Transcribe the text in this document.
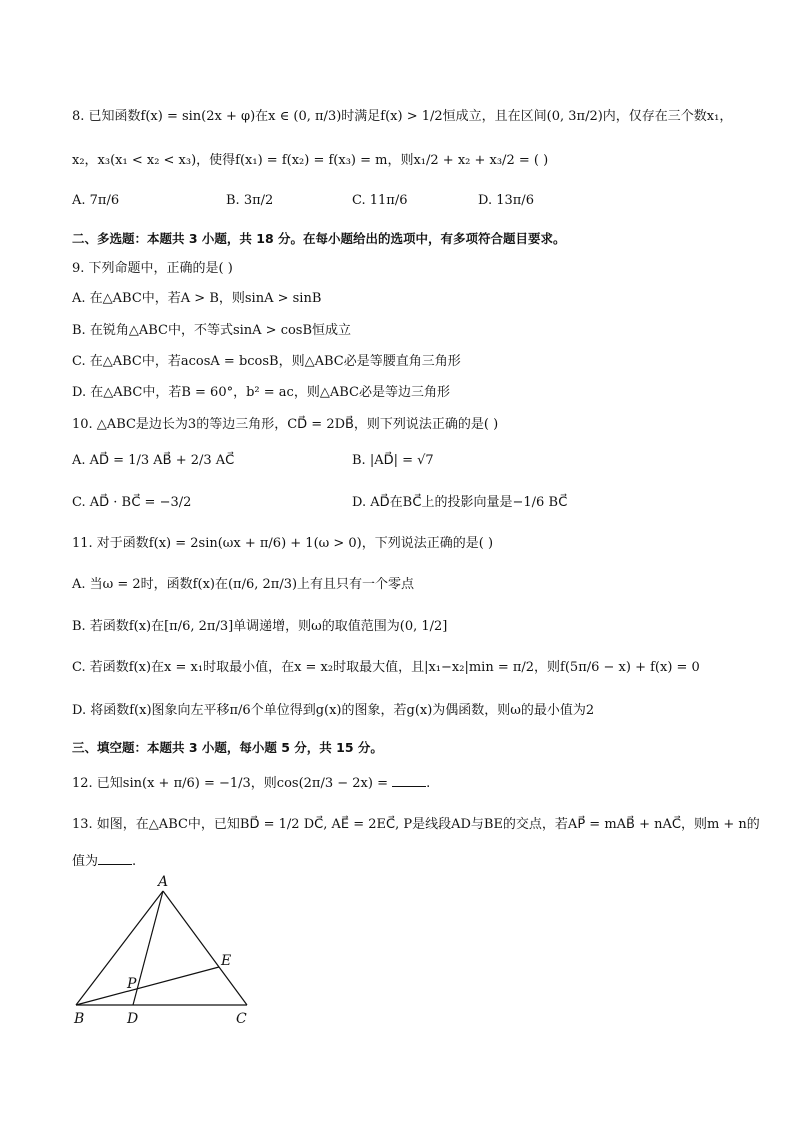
8. 已知函数f(x) = sin(2x + φ)在x ∈ (0, π/3)时满足f(x) > 1/2恒成立，且在区间(0, 3π/2)内，仅存在三个数x₁，
x₂，x₃(x₁ < x₂ < x₃)，使得f(x₁) = f(x₂) = f(x₃) = m，则x₁/2 + x₂ + x₃/2 = ( )
A. 7π/6	B. 3π/2	C. 11π/6	D. 13π/6
二、多选题：本题共 3 小题，共 18 分。在每小题给出的选项中，有多项符合题目要求。
9. 下列命题中，正确的是( )
A. 在△ABC中，若A > B，则sinA > sinB
B. 在锐角△ABC中，不等式sinA > cosB恒成立
C. 在△ABC中，若acosA = bcosB，则△ABC必是等腰直角三角形
D. 在△ABC中，若B = 60°，b² = ac，则△ABC必是等边三角形
10. △ABC是边长为3的等边三角形，CD⃗ = 2DB⃗，则下列说法正确的是( )
A. AD⃗ = 1/3 AB⃗ + 2/3 AC⃗	B. |AD⃗| = √7
C. AD⃗ · BC⃗ = −3/2	D. AD⃗在BC⃗上的投影向量是−1/6 BC⃗
11. 对于函数f(x) = 2sin(ωx + π/6) + 1(ω > 0)，下列说法正确的是( )
A. 当ω = 2时，函数f(x)在(π/6, 2π/3)上有且只有一个零点
B. 若函数f(x)在[π/6, 2π/3]单调递增，则ω的取值范围为(0, 1/2]
C. 若函数f(x)在x = x₁时取最小值，在x = x₂时取最大值，且|x₁−x₂|min = π/2，则f(5π/6 − x) + f(x) = 0
D. 将函数f(x)图象向左平移π/6个单位得到g(x)的图象，若g(x)为偶函数，则ω的最小值为2
三、填空题：本题共 3 小题，每小题 5 分，共 15 分。
12. 已知sin(x + π/6) = −1/3，则cos(2π/3 − 2x) =	.
13. 如图，在△ABC中，已知BD⃗ = 1/2 DC⃗, AE⃗ = 2EC⃗, P是线段AD与BE的交点，若AP⃗ = mAB⃗ + nAC⃗，则m + n的
值为	.
A
B	C
D
E
P
